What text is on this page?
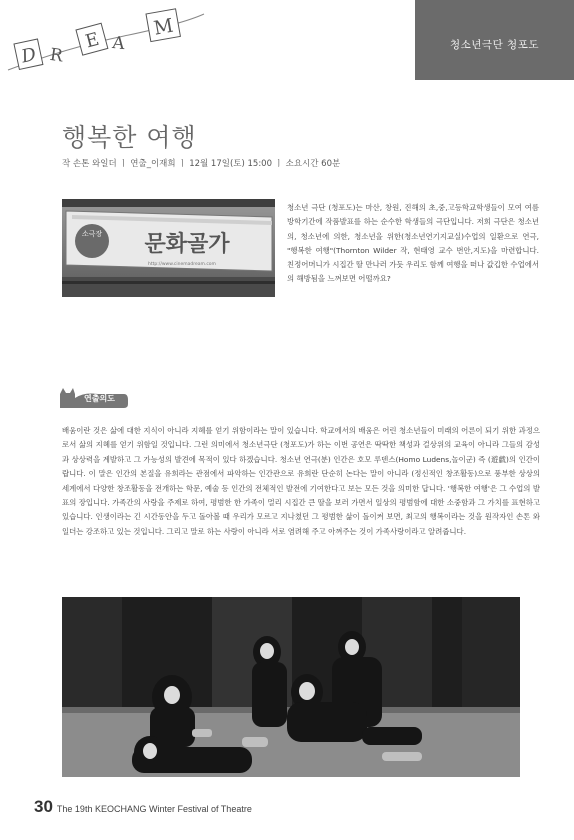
D R
E A
M
청소년극단 청포도
행복한 여행
작 손톤 와일더 ㅣ 연출_이재희 ㅣ 12월 17일(토) 15:00 ㅣ 소요시간 60분
소극장 문화골가
http://www.cinemadream.com

청소년 극단 (청포도)는 마산, 창원, 진해의 초,중,고등학교학생들이 모여 여름방학기간에 작품발표를 하는 순수한 학생들의 극단입니다. 저희 극단은 청소년의, 청소년에 의한, 청소년을 위한(청소년연기지교실)수업의 일환으로 연극, "행복한 여행"(Thornton Wilder 작, 현태영 교수 번안,지도)을 마련합니다. 친정어머니가 시집간 딸 만나러 가듯 우리도 함께 여행을 떠나 값깁한 수업에서의 해방됨을 느껴보면 어떨까요?

연출의도

배움이란 것은 삶에 대한 지식이 아니라 지혜를 얻기 위함이라는 말이 있습니다. 학교에서의 배움은 어린 청소년들이 미래의 어른이 되기 위한 과정으로서 삶의 지혜를 얻기 위함일 것입니다. 그런 의미에서 청소년극단 (청포도)가 하는 이번 공연은 딱딱한 책성과 걸상위의 교육이 아니라 그들의 감성과 상상력을 계발하고 그 가능성의 발견에 목적이 있다 하겠습니다. 청소년 연극(분) 인간은 호모 루덴스(Homo Ludens,놀이군) 즉 (遊戱)의 인간이랍니다. 이 말은 인간의 본질을 유희라는 관점에서 파악하는 인간관으로 유희란 단순히 논다는 말이 아니라 (정신적인 창조활동)으로 풍부한 상상의 세계에서 다양한 창조활동을 전개하는 학문, 예술 등 인간의 전체적인 발전에 기여한다고 보는 모든 것을 의미한 답니다. '행복한 여행'은 그 수업의 발표의 장입니다. 가족간의 사랑을 주제로 하여, 평범한 한 가족이 멀리 시집간 큰 딸을 보러 가면서 일상의 평범함에 대한 소중함과 그 가치를 표현하고 있습니다. 인생이라는 긴 시간동안을 두고 돌아볼 때 우리가 모르고 지나쳤던 그 평범한 삶이 돌이켜 보면, 최고의 행복이라는 것을 원작자인 손톤 와일더는 강조하고 있는 것입니다. 그리고 말로 하는 사랑이 아니라 서로 염려해 주고 아껴주는 것이 가족사랑이라고 알려줍니다.

30 The 19th KEOCHANG Winter Festival of Theatre
